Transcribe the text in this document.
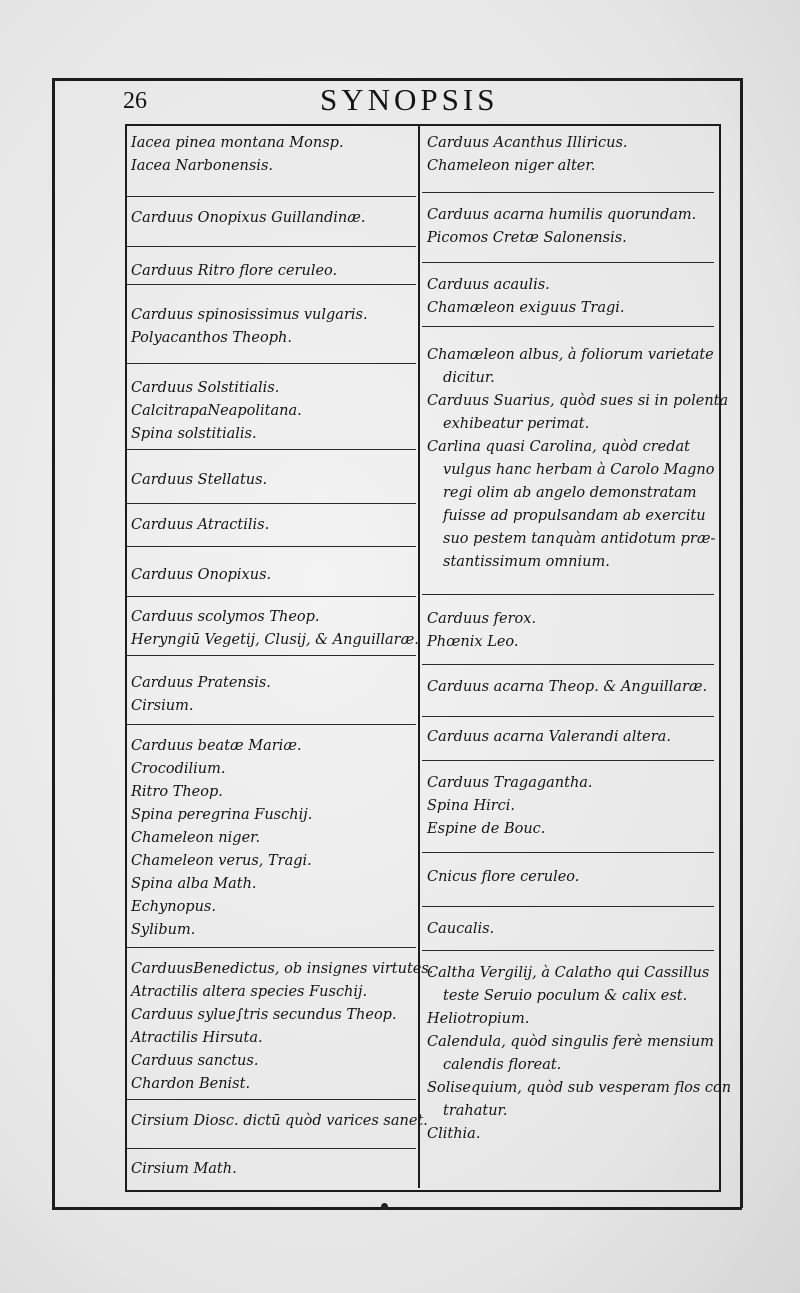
26	SYNOPSIS
Iacea pinea montana Monsp.
Iacea Narbonensis.
Carduus Onopixus Guillandinæ.
Carduus Ritro flore ceruleo.
Carduus spinosissimus vulgaris.
Polyacanthos Theoph.
Carduus Solstitialis.
CalcitrapaNeapolitana.
Spina solstitialis.
Carduus Stellatus.
Carduus Atractilis.
Carduus Onopixus.
Carduus scolymos Theop.
Heryngiū Vegetij, Clusij, & Anguillaræ.
Carduus Pratensis.
Cirsium.
Carduus beatæ Mariæ.
Crocodilium.
Ritro Theop.
Spina peregrina Fuschij.
Chameleon niger.
Chameleon verus, Tragi.
Spina alba Math.
Echynopus.
Sylibum.
CarduusBenedictus, ob insignes virtutes.
Atractilis altera species Fuschij.
Carduus sylue∫tris secundus Theop.
Atractilis Hirsuta.
Carduus sanctus.
Chardon Benist.
Cirsium Diosc. dictū quòd varices sanet.
Cirsium Math.
Carduus Acanthus Illiricus.
Chameleon niger alter.
Carduus acarna humilis quorundam.
Picomos Cretæ Salonensis.
Carduus acaulis.
Chamæleon exiguus Tragi.
Chamæleon albus, à foliorum varietate
dicitur.
Carduus Suarius, quòd sues si in polenta
exhibeatur perimat.
Carlina quasi Carolina, quòd credat
vulgus hanc herbam à Carolo Magno
regi olim ab angelo demonstratam
fuisse ad propulsandam ab exercitu
suo pestem tanquàm antidotum præ-
stantissimum omnium.
Carduus ferox.
Phœnix Leo.
Carduus acarna Theop. & Anguillaræ.
Carduus acarna Valerandi altera.
Carduus Tragagantha.
Spina Hirci.
Espine de Bouc.
Cnicus flore ceruleo.
Caucalis.
Caltha Vergilij, à Calatho qui Cassillus
teste Seruio poculum & calix est.
Heliotropium.
Calendula, quòd singulis ferè mensium
calendis floreat.
Solisequium, quòd sub vesperam flos con
trahatur.
Clithia.
